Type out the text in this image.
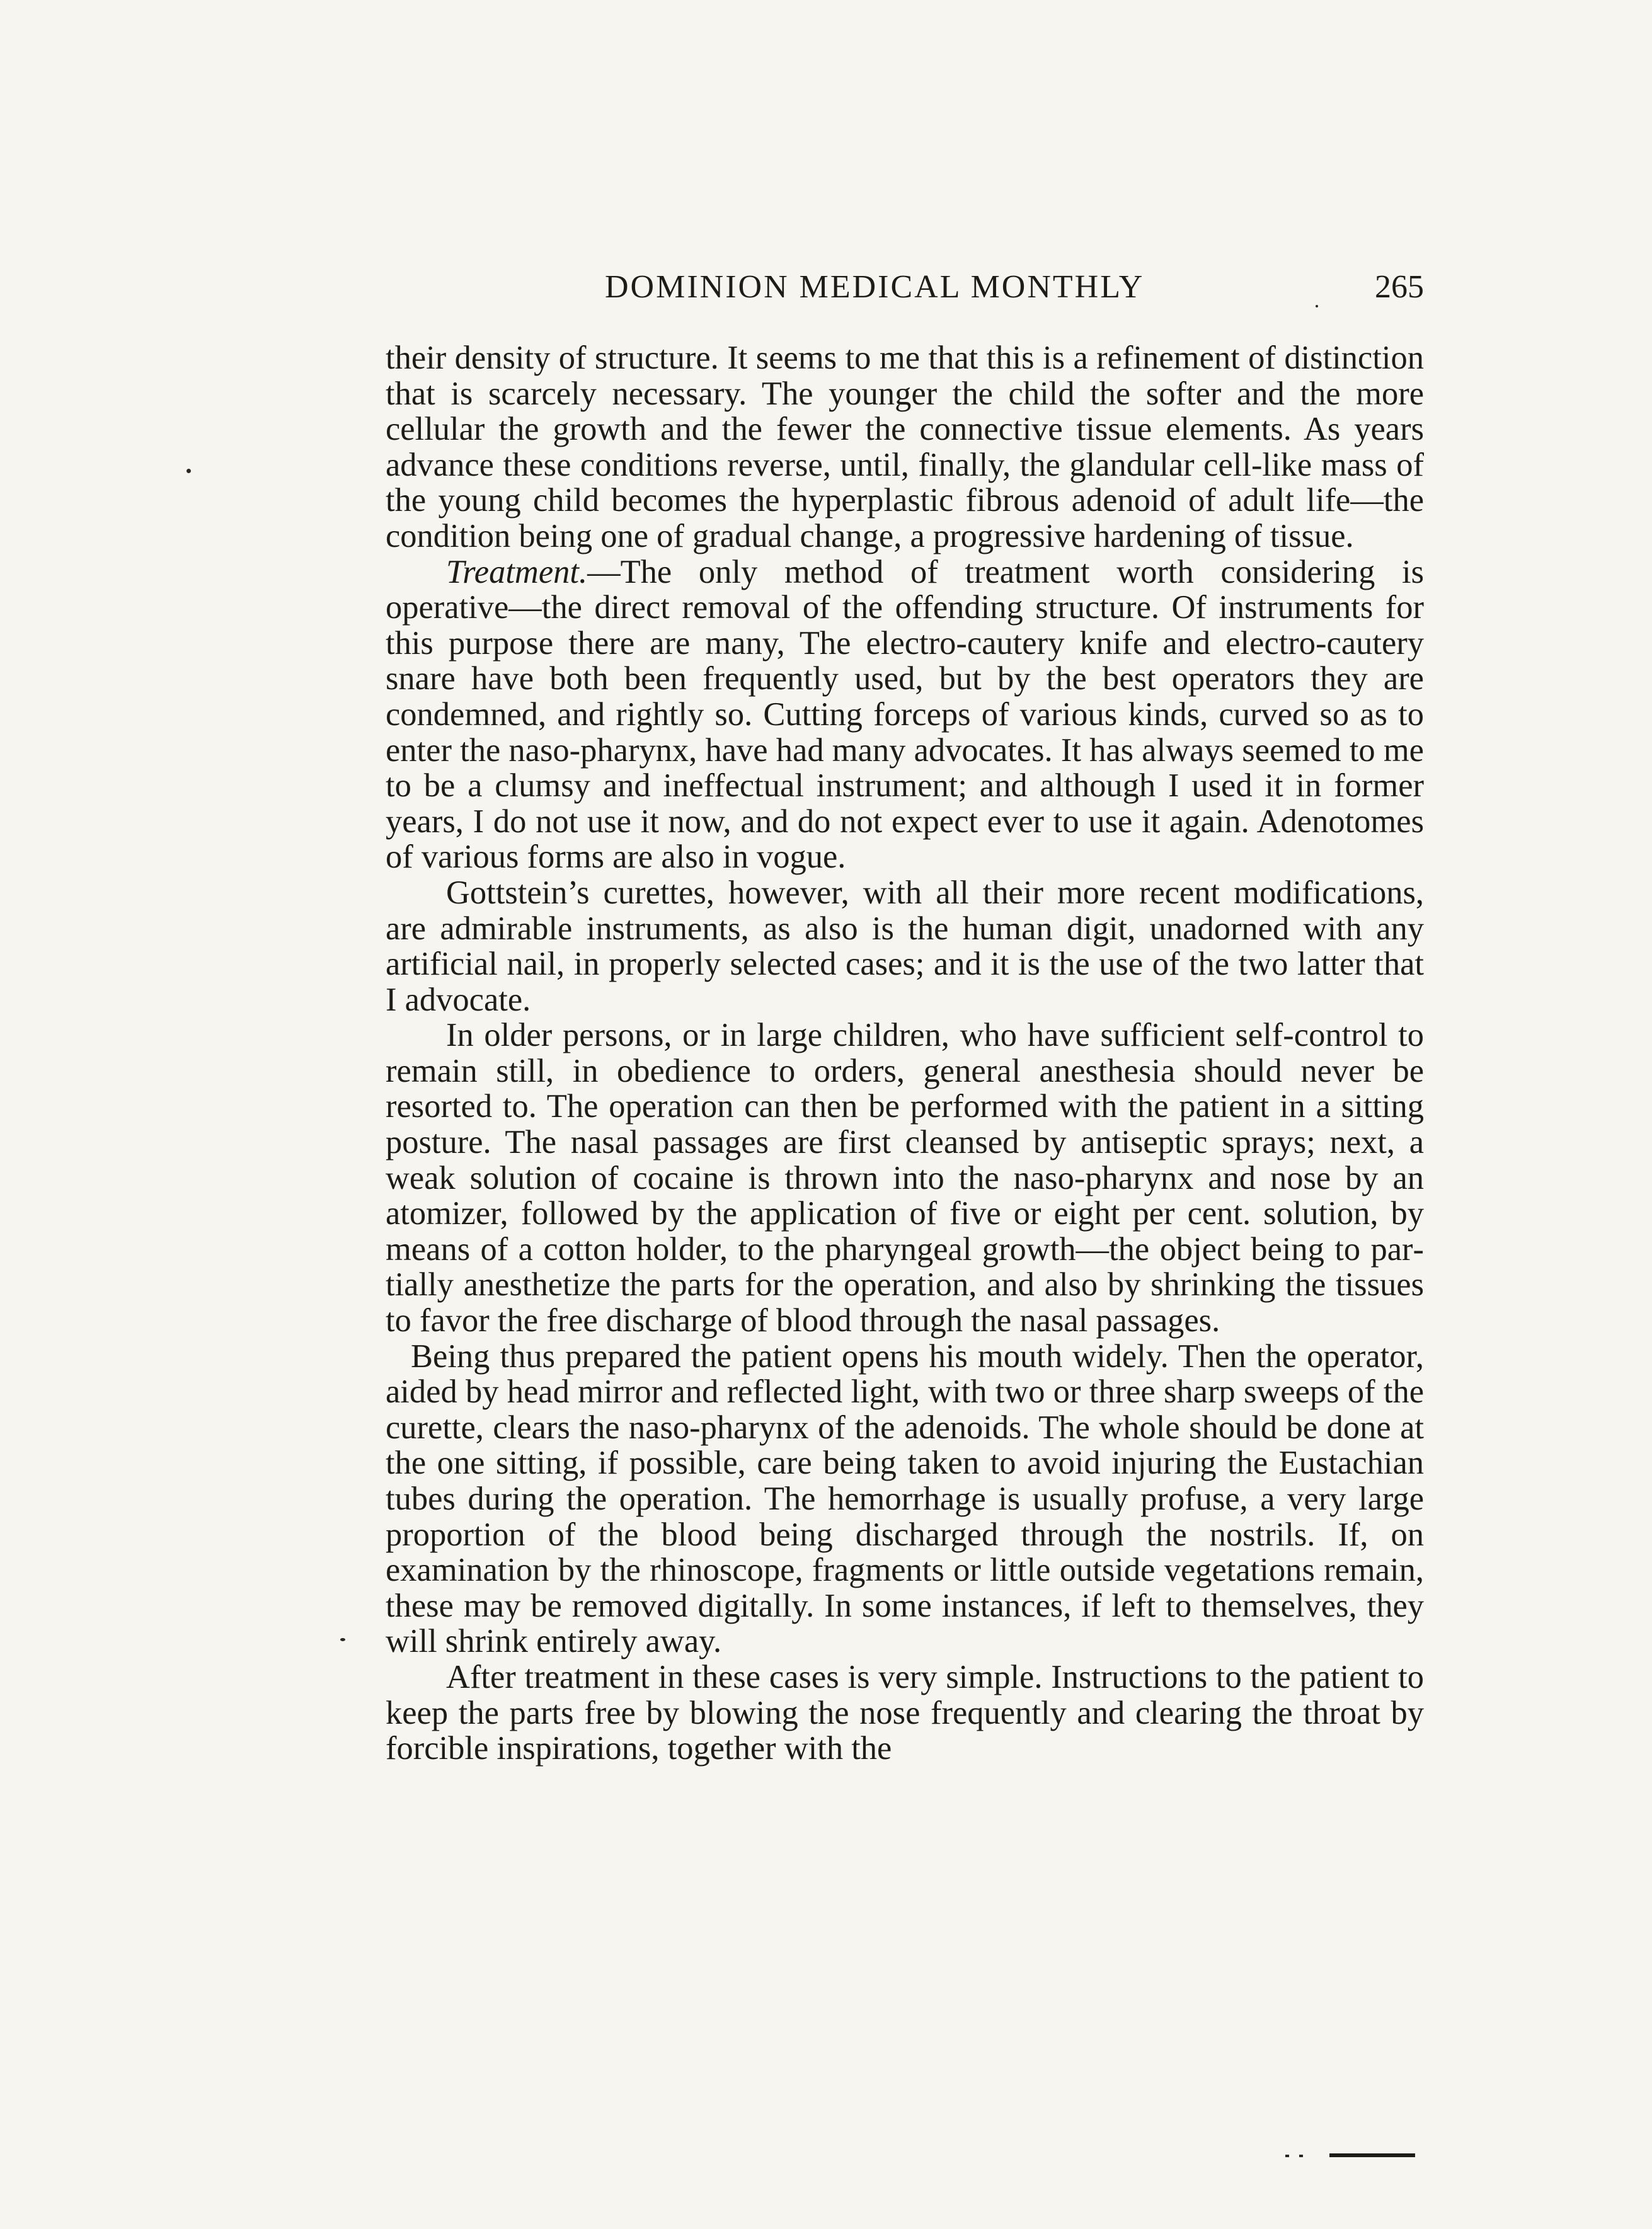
DOMINION MEDICAL MONTHLY	265

their density of structure. It seems to me that this is a refinement of distinction that is scarcely necessary. The younger the child the softer and the more cellular the growth and the fewer the connective tissue elements. As years advance these conditions reverse, until, finally, the glandular cell-like mass of the young child becomes the hyperplastic fibrous adenoid of adult life—the condition being one of gradual change, a progressive hardening of tissue.

Treatment.—The only method of treatment worth considering is operative—the direct removal of the offending structure. Of instruments for this purpose there are many, The electro-cautery knife and electro-cautery snare have both been frequently used, but by the best operators they are condemned, and rightly so. Cutting forceps of various kinds, curved so as to enter the naso-pharynx, have had many advocates. It has always seemed to me to be a clumsy and ineffectual instrument; and although I used it in former years, I do not use it now, and do not expect ever to use it again. Adenotomes of various forms are also in vogue.

Gottstein’s curettes, however, with all their more recent modifications, are admirable instruments, as also is the human digit, unadorned with any artificial nail, in properly selected cases; and it is the use of the two latter that I advocate.

In older persons, or in large children, who have sufficient self-control to remain still, in obedience to orders, general anesthesia should never be resorted to. The operation can then be performed with the patient in a sitting posture. The nasal passages are first cleansed by antiseptic sprays; next, a weak solution of cocaine is thrown into the naso-pharynx and nose by an atomizer, followed by the application of five or eight per cent. solution, by means of a cotton holder, to the pharyngeal growth—the object being to partially anesthetize the parts for the operation, and also by shrinking the tissues to favor the free discharge of blood through the nasal passages.

Being thus prepared the patient opens his mouth widely. Then the operator, aided by head mirror and reflected light, with two or three sharp sweeps of the curette, clears the naso-pharynx of the adenoids. The whole should be done at the one sitting, if possible, care being taken to avoid injuring the Eustachian tubes during the operation. The hemorrhage is usually profuse, a very large proportion of the blood being discharged through the nostrils. If, on examination by the rhinoscope, fragments or little outside vegetations remain, these may be removed digitally. In some instances, if left to themselves, they will shrink entirely away.

After treatment in these cases is very simple. Instructions to the patient to keep the parts free by blowing the nose frequently and clearing the throat by forcible inspirations, together with the
